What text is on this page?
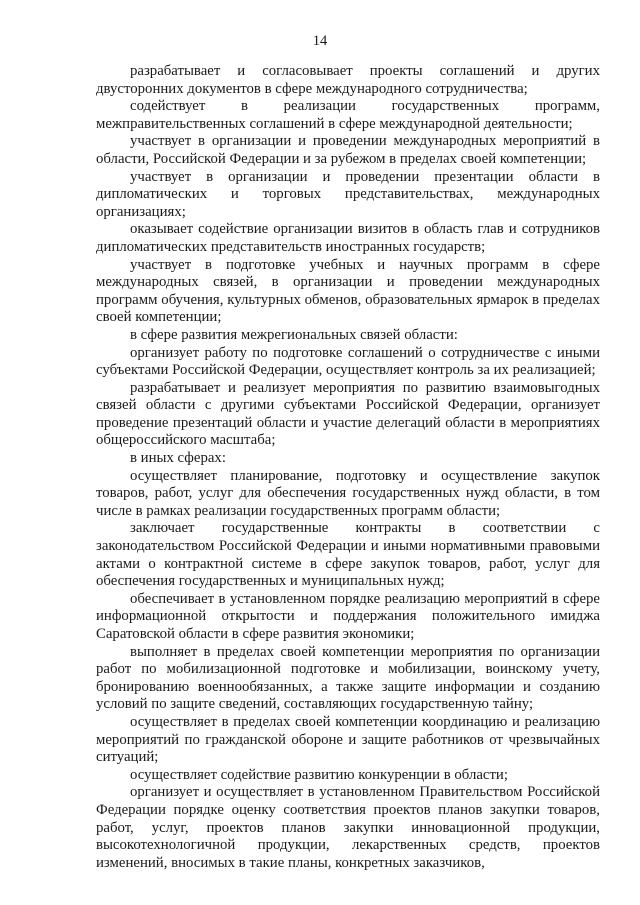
14

разрабатывает и согласовывает проекты соглашений и других двусторонних документов в сфере международного сотрудничества;

содействует в реализации государственных программ, межправительственных соглашений в сфере международной деятельности;

участвует в организации и проведении международных мероприятий в области, Российской Федерации и за рубежом в пределах своей компетенции;

участвует в организации и проведении презентации области в дипломатических и торговых представительствах, международных организациях;

оказывает содействие организации визитов в область глав и сотрудников дипломатических представительств иностранных государств;

участвует в подготовке учебных и научных программ в сфере международных связей, в организации и проведении международных программ обучения, культурных обменов, образовательных ярмарок в пределах своей компетенции;

в сфере развития межрегиональных связей области:

организует работу по подготовке соглашений о сотрудничестве с иными субъектами Российской Федерации, осуществляет контроль за их реализацией;

разрабатывает и реализует мероприятия по развитию взаимовыгодных связей области с другими субъектами Российской Федерации, организует проведение презентаций области и участие делегаций области в мероприятиях общероссийского масштаба;

в иных сферах:

осуществляет планирование, подготовку и осуществление закупок товаров, работ, услуг для обеспечения государственных нужд области, в том числе в рамках реализации государственных программ области;

заключает государственные контракты в соответствии с законодательством Российской Федерации и иными нормативными правовыми актами о контрактной системе в сфере закупок товаров, работ, услуг для обеспечения государственных и муниципальных нужд;

обеспечивает в установленном порядке реализацию мероприятий в сфере информационной открытости и поддержания положительного имиджа Саратовской области в сфере развития экономики;

выполняет в пределах своей компетенции мероприятия по организации работ по мобилизационной подготовке и мобилизации, воинскому учету, бронированию военнообязанных, а также защите информации и созданию условий по защите сведений, составляющих государственную тайну;

осуществляет в пределах своей компетенции координацию и реализацию мероприятий по гражданской обороне и защите работников от чрезвычайных ситуаций;

осуществляет содействие развитию конкуренции в области;

организует и осуществляет в установленном Правительством Российской Федерации порядке оценку соответствия проектов планов закупки товаров, работ, услуг, проектов планов закупки инновационной продукции, высокотехнологичной продукции, лекарственных средств, проектов изменений, вносимых в такие планы, конкретных заказчиков,
